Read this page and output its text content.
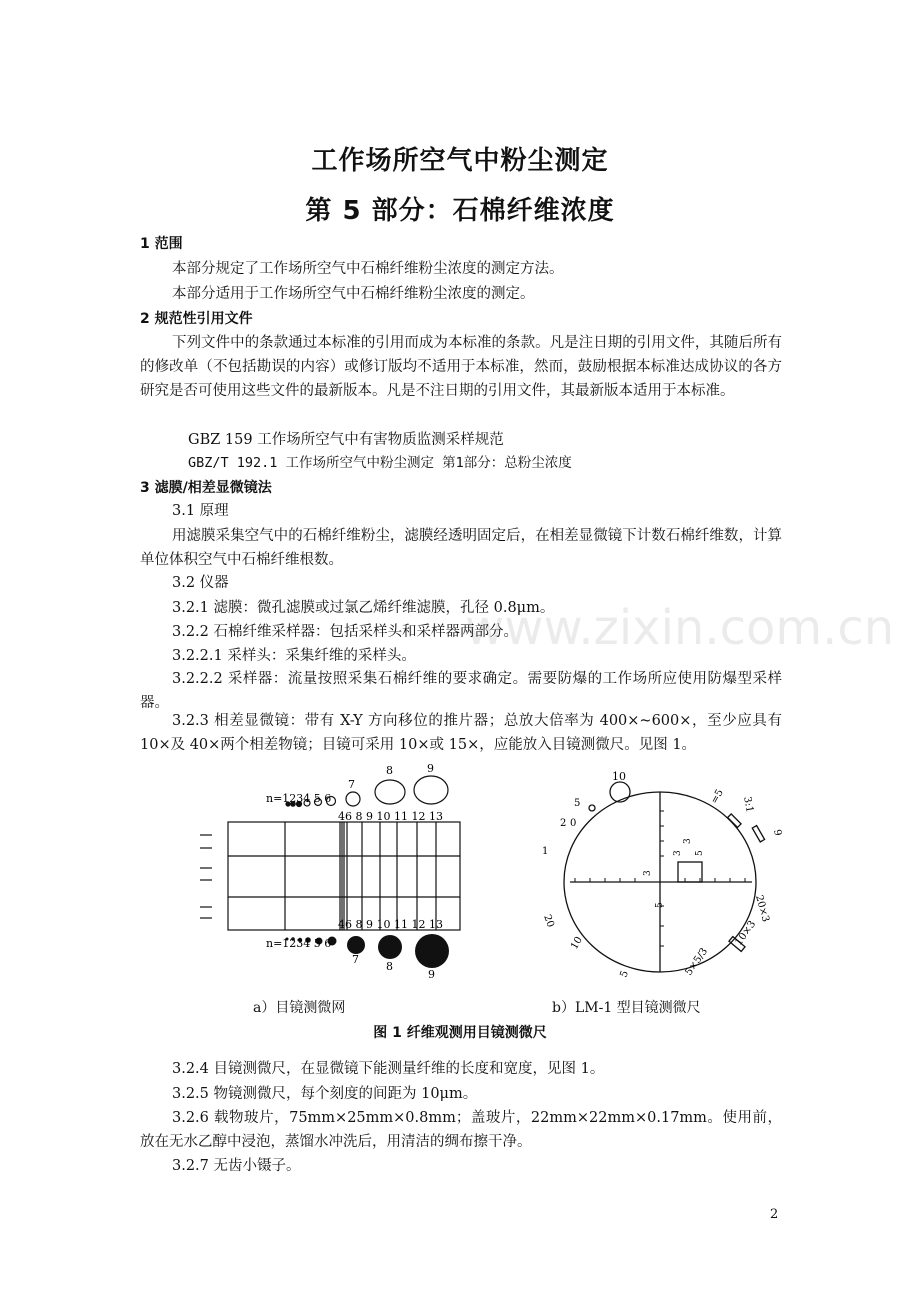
工作场所空气中粉尘测定
第 5 部分：石棉纤维浓度
1 范围
本部分规定了工作场所空气中石棉纤维粉尘浓度的测定方法。
本部分适用于工作场所空气中石棉纤维粉尘浓度的测定。
2 规范性引用文件
下列文件中的条款通过本标准的引用而成为本标准的条款。凡是注日期的引用文件，其随后所有的修改单（不包括勘误的内容）或修订版均不适用于本标准，然而，鼓励根据本标准达成协议的各方研究是否可使用这些文件的最新版本。凡是不注日期的引用文件，其最新版本适用于本标准。
GBZ 159 工作场所空气中有害物质监测采样规范
GBZ/T 192.1 工作场所空气中粉尘测定 第1部分：总粉尘浓度
3 滤膜/相差显微镜法
3.1 原理
用滤膜采集空气中的石棉纤维粉尘，滤膜经透明固定后，在相差显微镜下计数石棉纤维数，计算单位体积空气中石棉纤维根数。
3.2 仪器
3.2.1 滤膜：微孔滤膜或过氯乙烯纤维滤膜，孔径 0.8μm。
3.2.2 石棉纤维采样器：包括采样头和采样器两部分。
3.2.2.1 采样头：采集纤维的采样头。
3.2.2.2 采样器：流量按照采集石棉纤维的要求确定。需要防爆的工作场所应使用防爆型采样器。
3.2.3 相差显微镜：带有 X-Y 方向移位的推片器；总放大倍率为 400×~600×，至少应具有 10×及 40×两个相差物镜；目镜可采用 10×或 15×，应能放入目镜测微尺。见图 1。
www.zixin.com.cn
n=1234 5 6
7
8	9
46 8 9 10 11 12 13
46 8 9 10 11 12 13
n=1234 5 6
7
8
9
10
5
2 0
1
=5 3:1
9
20×3
10×3
5×5/3
5
10
20
3
3
3
5
5
a）目镜测微网	b）LM-1 型目镜测微尺
图 1 纤维观测用目镜测微尺
3.2.4 目镜测微尺，在显微镜下能测量纤维的长度和宽度，见图 1。
3.2.5 物镜测微尺，每个刻度的间距为 10μm。
3.2.6 载物玻片，75mm×25mm×0.8mm；盖玻片，22mm×22mm×0.17mm。使用前，放在无水乙醇中浸泡，蒸馏水冲洗后，用清洁的绸布擦干净。
3.2.7 无齿小镊子。
2
